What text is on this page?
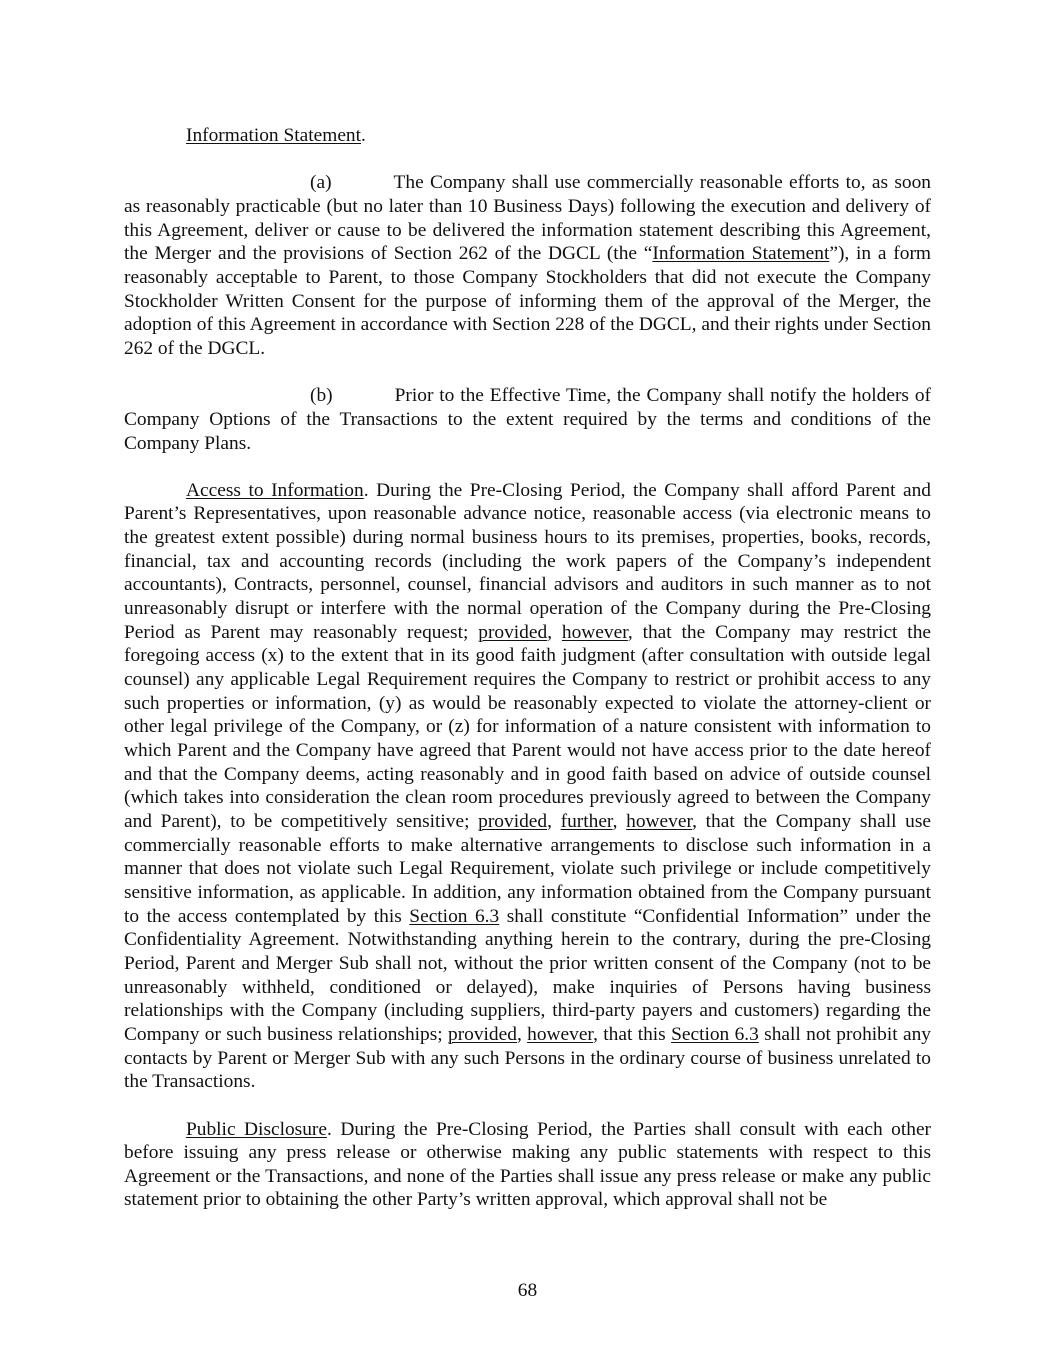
Information Statement.

(a)	The Company shall use commercially reasonable efforts to, as soon as reasonably practicable (but no later than 10 Business Days) following the execution and delivery of this Agreement, deliver or cause to be delivered the information statement describing this Agreement, the Merger and the provisions of Section 262 of the DGCL (the “Information Statement”), in a form reasonably acceptable to Parent, to those Company Stockholders that did not execute the Company Stockholder Written Consent for the purpose of informing them of the approval of the Merger, the adoption of this Agreement in accordance with Section 228 of the DGCL, and their rights under Section 262 of the DGCL.

(b)	Prior to the Effective Time, the Company shall notify the holders of Company Options of the Transactions to the extent required by the terms and conditions of the Company Plans.

Access to Information. During the Pre-Closing Period, the Company shall afford Parent and Parent’s Representatives, upon reasonable advance notice, reasonable access (via electronic means to the greatest extent possible) during normal business hours to its premises, properties, books, records, financial, tax and accounting records (including the work papers of the Company’s independent accountants), Contracts, personnel, counsel, financial advisors and auditors in such manner as to not unreasonably disrupt or interfere with the normal operation of the Company during the Pre-Closing Period as Parent may reasonably request; provided, however, that the Company may restrict the foregoing access (x) to the extent that in its good faith judgment (after consultation with outside legal counsel) any applicable Legal Requirement requires the Company to restrict or prohibit access to any such properties or information, (y) as would be reasonably expected to violate the attorney-client or other legal privilege of the Company, or (z) for information of a nature consistent with information to which Parent and the Company have agreed that Parent would not have access prior to the date hereof and that the Company deems, acting reasonably and in good faith based on advice of outside counsel (which takes into consideration the clean room procedures previously agreed to between the Company and Parent), to be competitively sensitive; provided, further, however, that the Company shall use commercially reasonable efforts to make alternative arrangements to disclose such information in a manner that does not violate such Legal Requirement, violate such privilege or include competitively sensitive information, as applicable. In addition, any information obtained from the Company pursuant to the access contemplated by this Section 6.3 shall constitute “Confidential Information” under the Confidentiality Agreement. Notwithstanding anything herein to the contrary, during the pre-Closing Period, Parent and Merger Sub shall not, without the prior written consent of the Company (not to be unreasonably withheld, conditioned or delayed), make inquiries of Persons having business relationships with the Company (including suppliers, third-party payers and customers) regarding the Company or such business relationships; provided, however, that this Section 6.3 shall not prohibit any contacts by Parent or Merger Sub with any such Persons in the ordinary course of business unrelated to the Transactions.

Public Disclosure. During the Pre-Closing Period, the Parties shall consult with each other before issuing any press release or otherwise making any public statements with respect to this Agreement or the Transactions, and none of the Parties shall issue any press release or make any public statement prior to obtaining the other Party’s written approval, which approval shall not be

68
